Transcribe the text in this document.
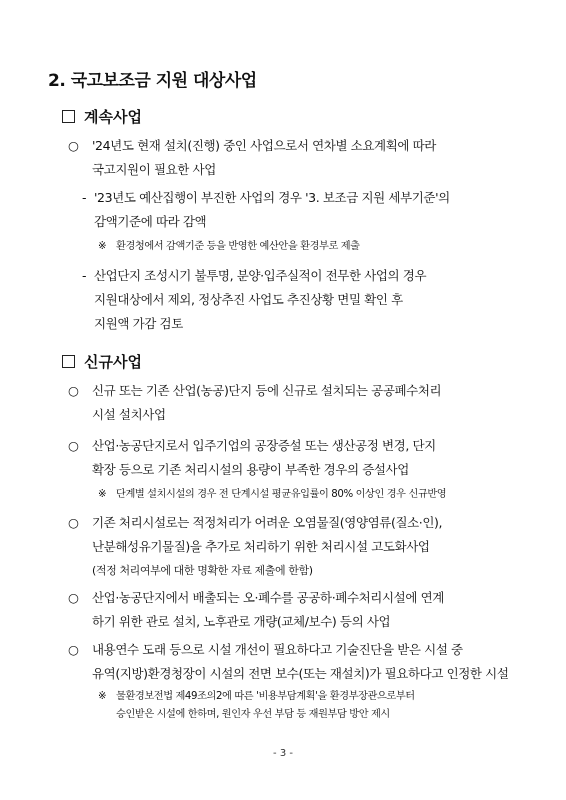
2. 국고보조금 지원 대상사업
계속사업
○ '24년도 현재 설치(진행) 중인 사업으로서 연차별 소요계획에 따라
국고지원이 필요한 사업
- '23년도 예산집행이 부진한 사업의 경우 '3. 보조금 지원 세부기준'의
감액기준에 따라 감액
※ 환경청에서 감액기준 등을 반영한 예산안을 환경부로 제출
- 산업단지 조성시기 불투명, 분양·입주실적이 전무한 사업의 경우
지원대상에서 제외, 정상추진 사업도 추진상황 면밀 확인 후
지원액 가감 검토
신규사업
○ 신규 또는 기존 산업(농공)단지 등에 신규로 설치되는 공공폐수처리
시설 설치사업
○ 산업·농공단지로서 입주기업의 공장증설 또는 생산공정 변경, 단지
확장 등으로 기존 처리시설의 용량이 부족한 경우의 증설사업
※ 단계별 설치시설의 경우 전 단계시설 평균유입률이 80% 이상인 경우 신규반영
○ 기존 처리시설로는 적정처리가 어려운 오염물질(영양염류(질소·인),
난분해성유기물질)을 추가로 처리하기 위한 처리시설 고도화사업
(적정 처리여부에 대한 명확한 자료 제출에 한함)
○ 산업·농공단지에서 배출되는 오·폐수를 공공하·폐수처리시설에 연계
하기 위한 관로 설치, 노후관로 개량(교체/보수) 등의 사업
○ 내용연수 도래 등으로 시설 개선이 필요하다고 기술진단을 받은 시설 중
유역(지방)환경청장이 시설의 전면 보수(또는 재설치)가 필요하다고 인정한 시설
※ 물환경보전법 제49조의2에 따른 '비용부담계획'을 환경부장관으로부터
승인받은 시설에 한하며, 원인자 우선 부담 등 재원부담 방안 제시
- 3 -
